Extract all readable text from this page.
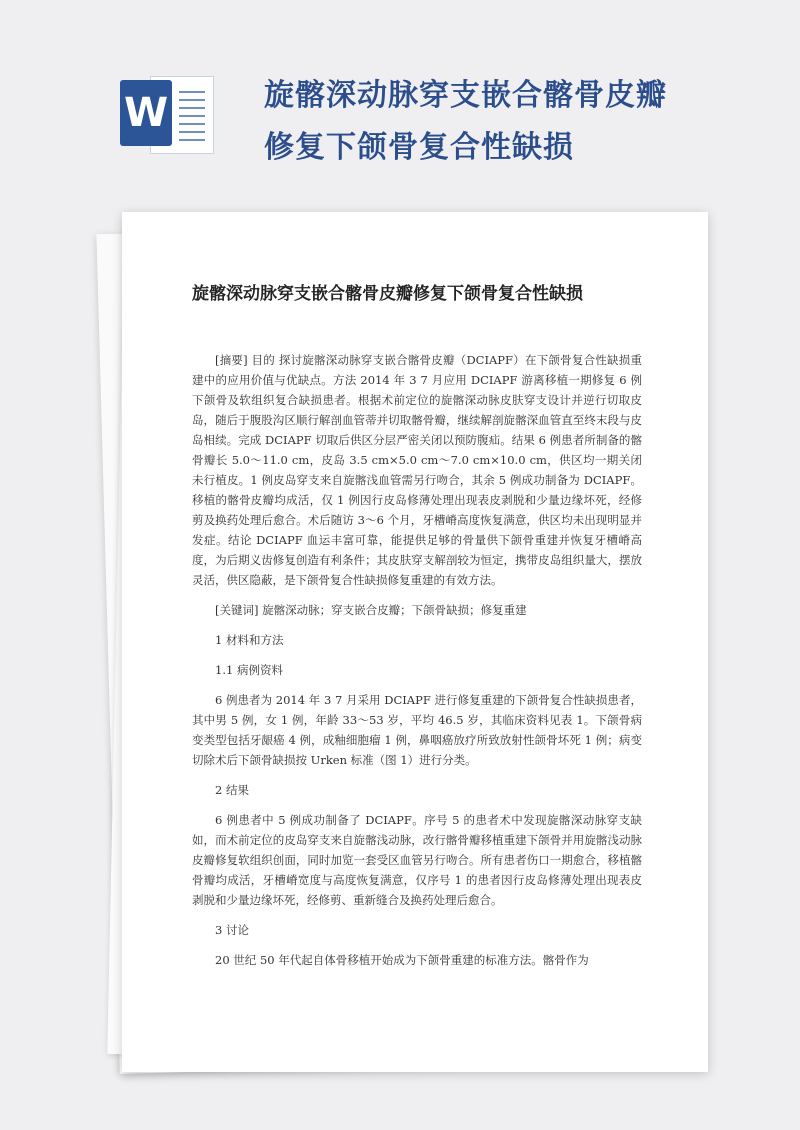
W	旋髂深动脉穿支嵌合髂骨皮瓣修复下颌骨复合性缺损
旋髂深动脉穿支嵌合髂骨皮瓣修复下颌骨复合性缺损

[摘要] 目的 探讨旋髂深动脉穿支嵌合髂骨皮瓣（DCIAPF）在下颌骨复合性缺损重建中的应用价值与优缺点。方法 2014 年 3 7 月应用 DCIAPF 游离移植一期修复 6 例下颌骨及软组织复合缺损患者。根据术前定位的旋髂深动脉皮肤穿支设计并逆行切取皮岛，随后于腹股沟区顺行解剖血管蒂并切取髂骨瓣，继续解剖旋髂深血管直至终末段与皮岛相续。完成 DCIAPF 切取后供区分层严密关闭以预防腹疝。结果 6 例患者所制备的髂骨瓣长 5.0～11.0 cm，皮岛 3.5 cm×5.0 cm～7.0 cm×10.0 cm，供区均一期关闭未行植皮。1 例皮岛穿支来自旋髂浅血管需另行吻合，其余 5 例成功制备为 DCIAPF。移植的髂骨皮瓣均成活，仅 1 例因行皮岛修薄处理出现表皮剥脱和少量边缘坏死，经修剪及换药处理后愈合。术后随访 3～6 个月，牙槽嵴高度恢复满意，供区均未出现明显并发症。结论 DCIAPF 血运丰富可靠，能提供足够的骨量供下颌骨重建并恢复牙槽嵴高度，为后期义齿修复创造有利条件；其皮肤穿支解剖较为恒定，携带皮岛组织量大，摆放灵活，供区隐蔽，是下颌骨复合性缺损修复重建的有效方法。

[关键词] 旋髂深动脉；穿支嵌合皮瓣；下颌骨缺损；修复重建

1 材料和方法

1.1 病例资料

6 例患者为 2014 年 3 7 月采用 DCIAPF 进行修复重建的下颌骨复合性缺损患者，其中男 5 例，女 1 例，年龄 33～53 岁，平均 46.5 岁，其临床资料见表 1。下颌骨病变类型包括牙龈癌 4 例，成釉细胞瘤 1 例，鼻咽癌放疗所致放射性颌骨坏死 1 例；病变切除术后下颌骨缺损按 Urken 标准（图 1）进行分类。

2 结果

6 例患者中 5 例成功制备了 DCIAPF。序号 5 的患者术中发现旋髂深动脉穿支缺如，而术前定位的皮岛穿支来自旋髂浅动脉，改行髂骨瓣移植重建下颌骨并用旋髂浅动脉皮瓣修复软组织创面，同时加览一套受区血管另行吻合。所有患者伤口一期愈合，移植髂骨瓣均成活，牙槽嵴宽度与高度恢复满意，仅序号 1 的患者因行皮岛修薄处理出现表皮剥脱和少量边缘坏死，经修剪、重新缝合及换药处理后愈合。

3 讨论

20 世纪 50 年代起自体骨移植开始成为下颌骨重建的标准方法。髂骨作为
